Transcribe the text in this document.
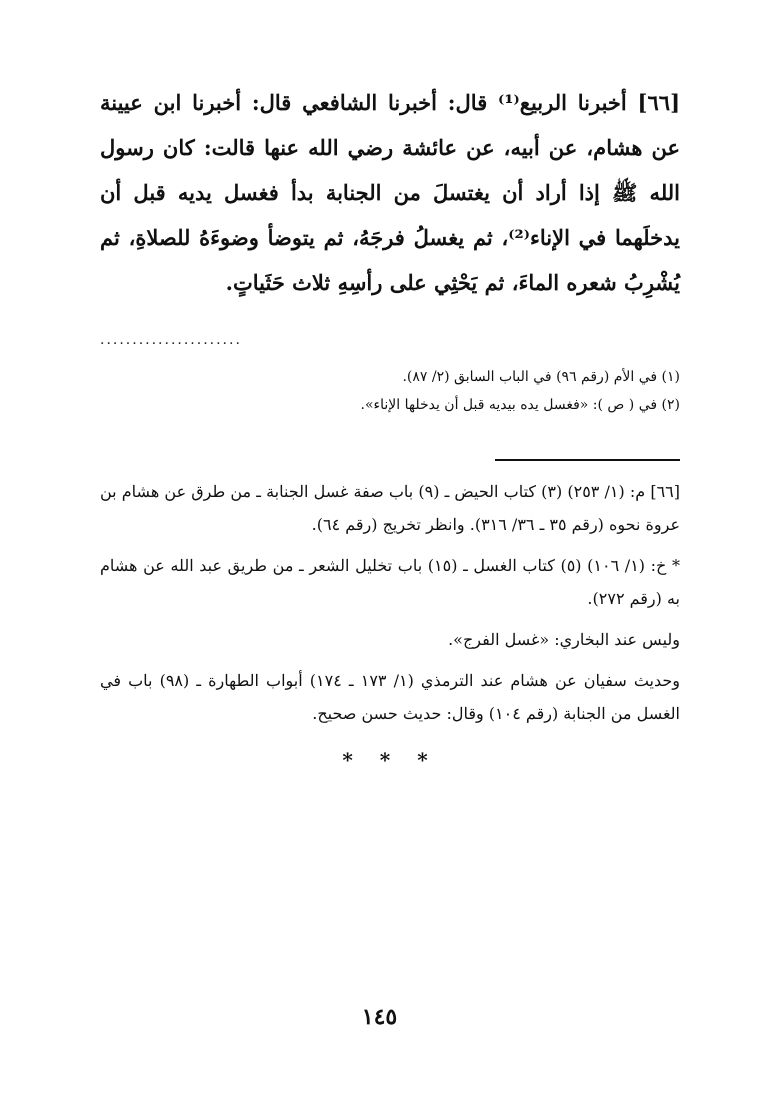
[٦٦] أخبرنا الربيع⁽¹⁾ قال: أخبرنا الشافعي قال: أخبرنا ابن عيينة عن هشام، عن أبيه، عن عائشة رضي الله عنها قالت: كان رسول الله ﷺ إذا أراد أن يغتسلَ من الجنابة بدأ فغسل يديه قبل أن يدخلَهما في الإناء⁽²⁾، ثم يغسلُ فرجَهُ، ثم يتوضأ وضوءَهُ للصلاةِ، ثم يُشْرِبُ شعره الماءَ، ثم يَحْثِي على رأسِهِ ثلاث حَثَياتٍ.

......................

(١) في الأم (رقم ٩٦) في الباب السابق (٢/ ٨٧).

(٢) في ( ص ): «فغسل يده بيديه قبل أن يدخلها الإناء».

[٦٦] م: (١/ ٢٥٣) (٣) كتاب الحيض ـ (٩) باب صفة غسل الجنابة ـ من طرق عن هشام بن عروة نحوه (رقم ٣٥ ـ ٣٦/ ٣١٦). وانظر تخريج (رقم ٦٤).

* خ: (١/ ١٠٦) (٥) كتاب الغسل ـ (١٥) باب تخليل الشعر ـ من طريق عبد الله عن هشام به (رقم ٢٧٢).

وليس عند البخاري: «غسل الفرج».

وحديث سفيان عن هشام عند الترمذي (١/ ١٧٣ ـ ١٧٤) أبواب الطهارة ـ (٩٨) باب في الغسل من الجنابة (رقم ١٠٤) وقال: حديث حسن صحيح.

* * *
١٤٥
